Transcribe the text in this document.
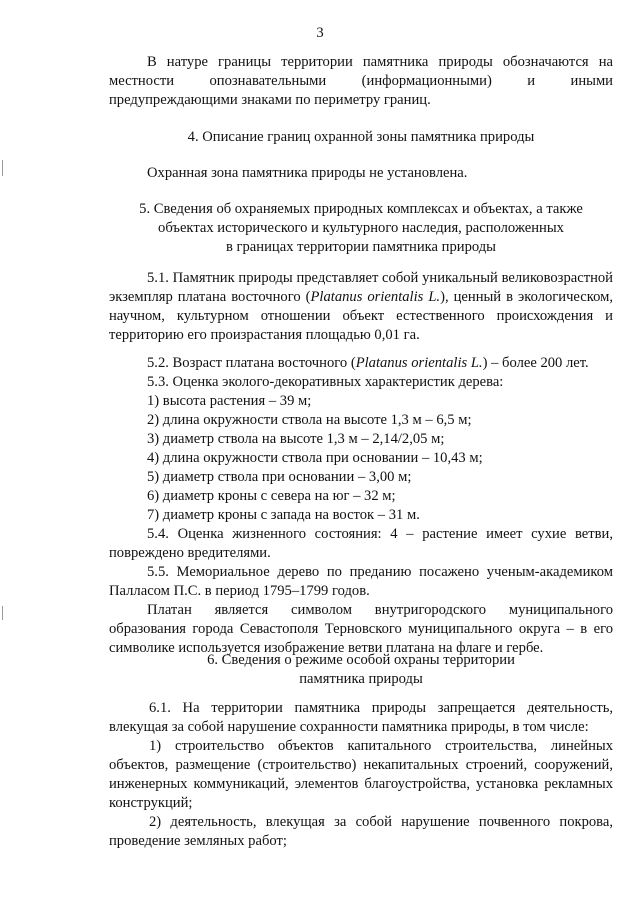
3

В натуре границы территории памятника природы обозначаются на местности опознавательными (информационными) и иными предупреждающими знаками по периметру границ.

4. Описание границ охранной зоны памятника природы

Охранная зона памятника природы не установлена.

5. Сведения об охраняемых природных комплексах и объектах, а также

объектах исторического и культурного наследия, расположенных

в границах территории памятника природы

5.1. Памятник природы представляет собой уникальный великовозрастной экземпляр платана восточного (Platanus orientalis L.), ценный в экологическом, научном, культурном отношении объект естественного происхождения и территорию его произрастания площадью 0,01 га.

5.2. Возраст платана восточного (Platanus orientalis L.) – более 200 лет.

5.3. Оценка эколого-декоративных характеристик дерева:

1) высота растения – 39 м;

2) длина окружности ствола на высоте 1,3 м – 6,5 м;

3) диаметр ствола на высоте 1,3 м – 2,14/2,05 м;

4) длина окружности ствола при основании – 10,43 м;

5) диаметр ствола при основании – 3,00 м;

6) диаметр кроны с севера на юг – 32 м;

7) диаметр кроны с запада на восток – 31 м.

5.4. Оценка жизненного состояния: 4 – растение имеет сухие ветви, повреждено вредителями.

5.5. Мемориальное дерево по преданию посажено ученым-академиком Палласом П.С. в период 1795–1799 годов.

Платан является символом внутригородского муниципального образования города Севастополя Терновского муниципального округа – в его символике используется изображение ветви платана на флаге и гербе.

6. Сведения о режиме особой охраны территории

памятника природы

6.1. На территории памятника природы запрещается деятельность, влекущая за собой нарушение сохранности памятника природы, в том числе:

1) строительство объектов капитального строительства, линейных объектов, размещение (строительство) некапитальных строений, сооружений, инженерных коммуникаций, элементов благоустройства, установка рекламных конструкций;

2) деятельность, влекущая за собой нарушение почвенного покрова, проведение земляных работ;
